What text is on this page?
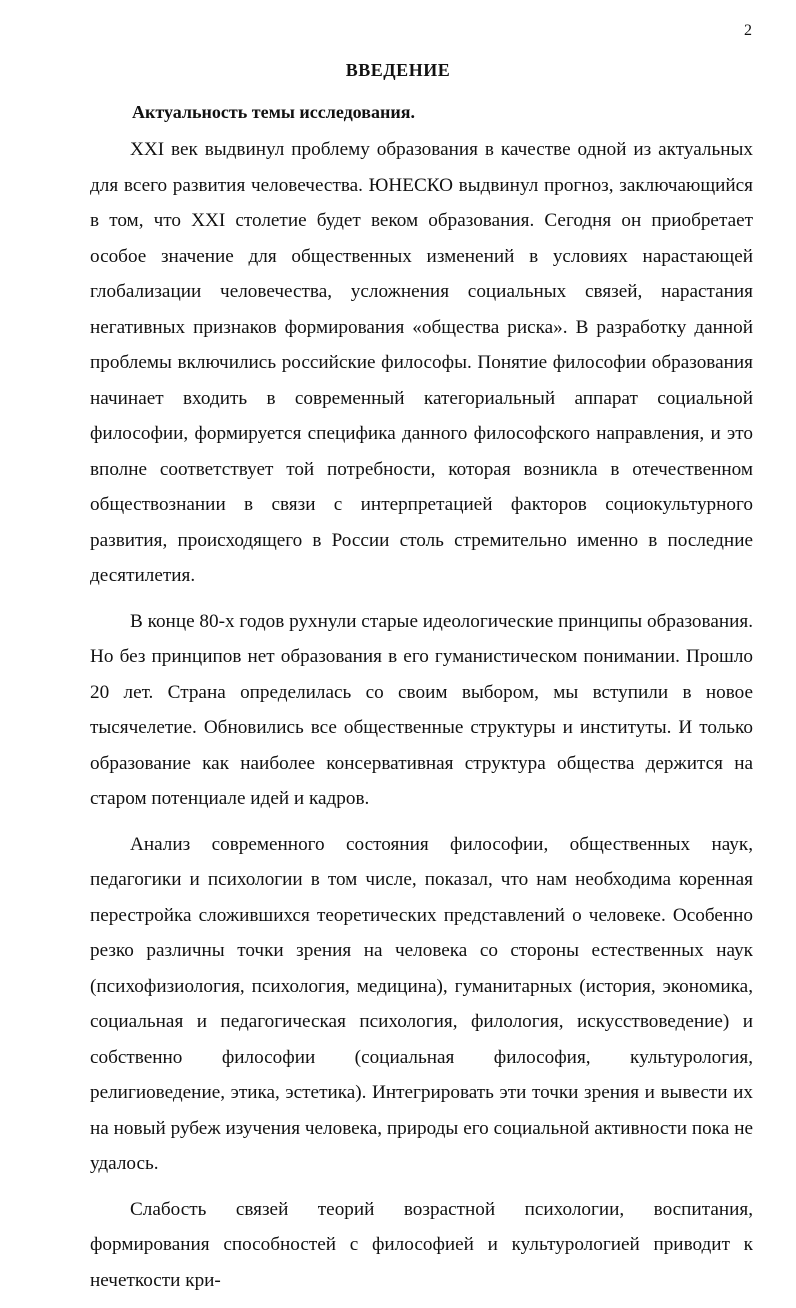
2
ВВЕДЕНИЕ
Актуальность темы исследования.

XXI век выдвинул проблему образования в качестве одной из актуальных для всего развития человечества. ЮНЕСКО выдвинул прогноз, заключающийся в том, что XXI столетие будет веком образования. Сегодня он приобретает особое значение для общественных изменений в условиях нарастающей глобализации человечества, усложнения социальных связей, нарастания негативных признаков формирования «общества риска». В разработку данной проблемы включились российские философы. Понятие философии образования начинает входить в современный категориальный аппарат социальной философии, формируется специфика данного философского направления, и это вполне соответствует той потребности, которая возникла в отечественном обществознании в связи с интерпретацией факторов социокультурного развития, происходящего в России столь стремительно именно в последние десятилетия.

В конце 80-х годов рухнули старые идеологические принципы образования. Но без принципов нет образования в его гуманистическом понимании. Прошло 20 лет. Страна определилась со своим выбором, мы вступили в новое тысячелетие. Обновились все общественные структуры и институты. И только образование как наиболее консервативная структура общества держится на старом потенциале идей и кадров.

Анализ современного состояния философии, общественных наук, педагогики и психологии в том числе, показал, что нам необходима коренная перестройка сложившихся теоретических представлений о человеке. Особенно резко различны точки зрения на человека со стороны естественных наук (психофизиология, психология, медицина), гуманитарных (история, экономика, социальная и педагогическая психология, филология, искусствоведение) и собственно философии (социальная философия, культурология, религиоведение, этика, эстетика). Интегрировать эти точки зрения и вывести их на новый рубеж изучения человека, природы его социальной активности пока не удалось.

Слабость связей теорий возрастной психологии, воспитания, формирования способностей с философией и культурологией приводит к нечеткости кри-
